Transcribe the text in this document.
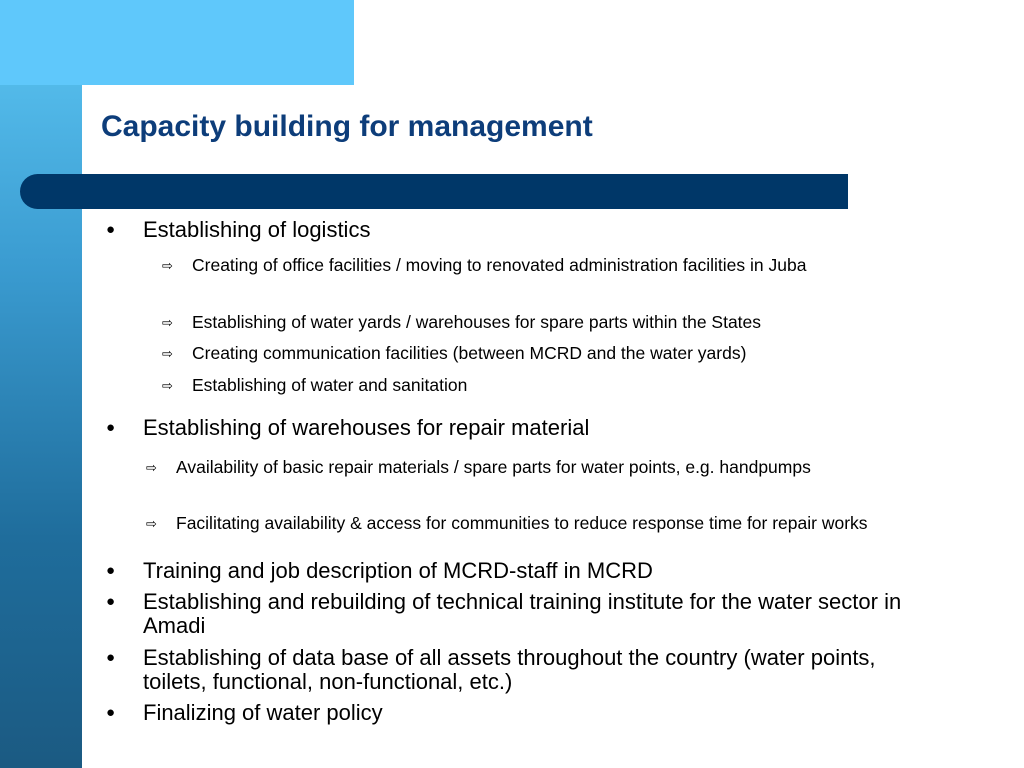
Capacity building for management
● Establishing of logistics
⇨ Creating of office facilities / moving to renovated administration facilities in Juba
⇨ Establishing of water yards / warehouses for spare parts within the States
⇨ Creating communication facilities (between MCRD and the water yards)
⇨ Establishing of water and sanitation
● Establishing of warehouses for repair material
⇨ Availability of basic repair materials / spare parts for water points, e.g. handpumps
⇨ Facilitating availability & access for communities to reduce response time for repair works
● Training and job description of MCRD-staff in MCRD
● Establishing and rebuilding of technical training institute for the water sector in Amadi
● Establishing of data base of all assets throughout the country (water points, toilets, functional, non-functional, etc.)
● Finalizing of water policy
